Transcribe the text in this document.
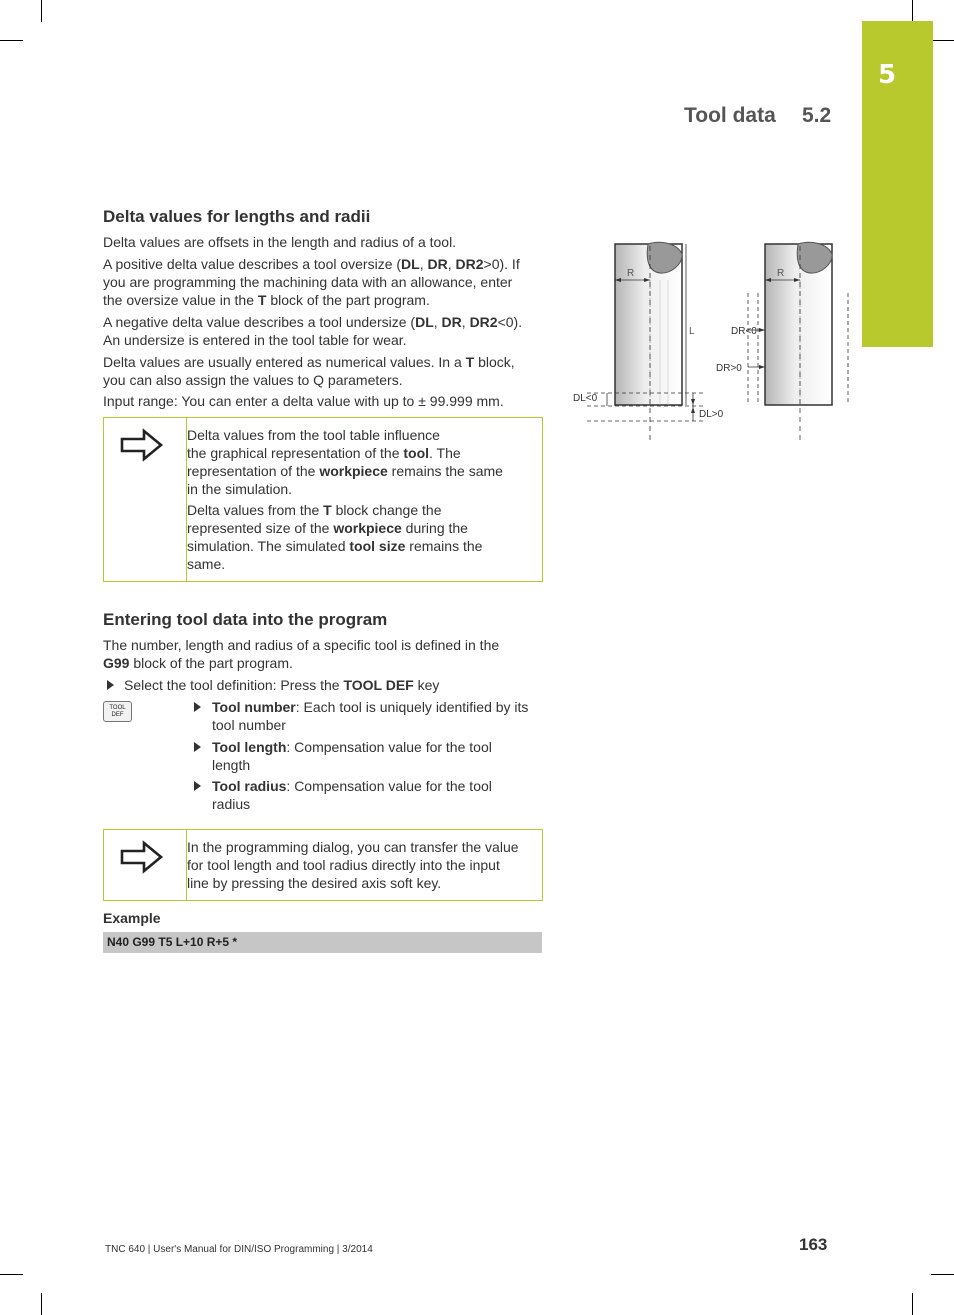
5
Tool data 5.2
Delta values for lengths and radii

Delta values are offsets in the length and radius of a tool.

A positive delta value describes a tool oversize (DL, DR, DR2>0). If
you are programming the machining data with an allowance, enter
the oversize value in the T block of the part program.

A negative delta value describes a tool undersize (DL, DR, DR2<0).
An undersize is entered in the tool table for wear.

Delta values are usually entered as numerical values. In a T block,
you can also assign the values to Q parameters.

Input range: You can enter a delta value with up to ± 99.999 mm.

Delta values from the tool table influence
the graphical representation of the tool. The
representation of the workpiece remains the same
in the simulation.

Delta values from the T block change the
represented size of the workpiece during the
simulation. The simulated tool size remains the
same.

Entering tool data into the program

The number, length and radius of a specific tool is defined in the
G99 block of the part program.

Select the tool definition: Press the TOOL DEF key
TOOL
DEF	Tool number: Each tool is uniquely identified by its
tool number
Tool length: Compensation value for the tool
length
Tool radius: Compensation value for the tool
radius

In the programming dialog, you can transfer the value
for tool length and tool radius directly into the input
line by pressing the desired axis soft key.

Example

N40 G99 T5 L+10 R+5 *
R
L
DL<0
DL>0
R
DR<0
DR>0
TNC 640 | User's Manual for DIN/ISO Programming | 3/2014	163
